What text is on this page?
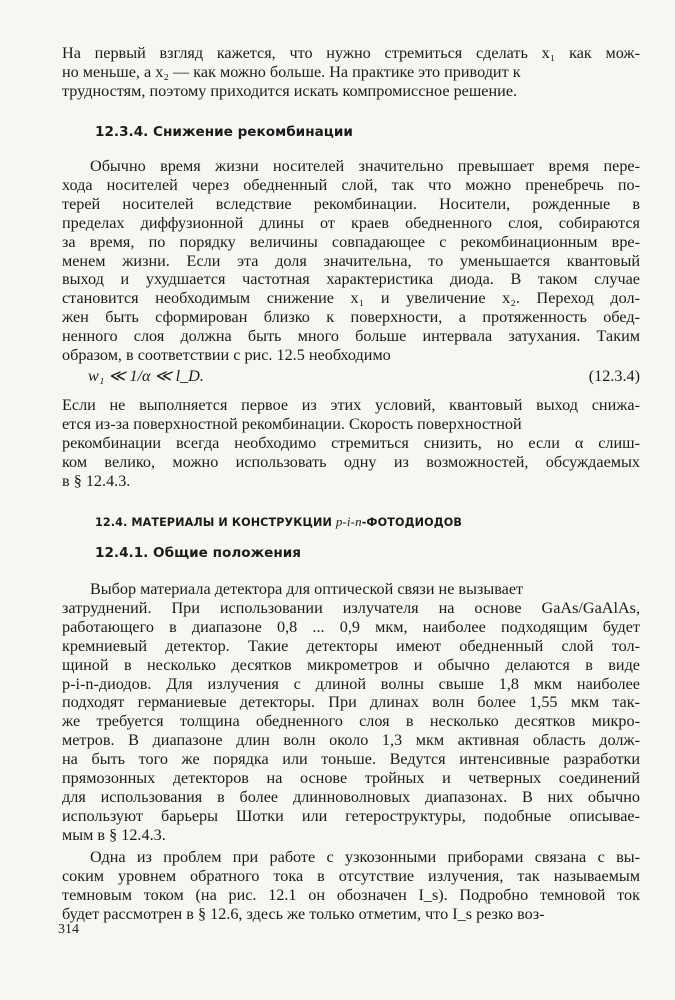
На первый взгляд кажется, что нужно стремиться сделать x₁ как мож-
но меньше, а x₂ — как можно больше. На практике это приводит к
трудностям, поэтому приходится искать компромиссное решение.
12.3.4. Снижение рекомбинации
Обычно время жизни носителей значительно превышает время пере-
хода носителей через обедненный слой, так что можно пренебречь по-
терей носителей вследствие рекомбинации. Носители, рожденные в
пределах диффузионной длины от краев обедненного слоя, собираются
за время, по порядку величины совпадающее с рекомбинационным вре-
менем жизни. Если эта доля значительна, то уменьшается квантовый
выход и ухудшается частотная характеристика диода. В таком случае
становится необходимым снижение x₁ и увеличение x₂. Переход дол-
жен быть сформирован близко к поверхности, а протяженность обед-
ненного слоя должна быть много больше интервала затухания. Таким
образом, в соответствии с рис. 12.5 необходимо
w₁ ≪ 1/α ≪ l_D.	(12.3.4)
Если не выполняется первое из этих условий, квантовый выход снижа-
ется из-за поверхностной рекомбинации. Скорость поверхностной
рекомбинации всегда необходимо стремиться снизить, но если α слиш-
ком велико, можно использовать одну из возможностей, обсуждаемых
в § 12.4.3.
12.4. МАТЕРИАЛЫ И КОНСТРУКЦИИ p-i-n-ФОТОДИОДОВ
12.4.1. Общие положения
Выбор материала детектора для оптической связи не вызывает
затруднений. При использовании излучателя на основе GaAs/GaAlAs,
работающего в диапазоне 0,8 ... 0,9 мкм, наиболее подходящим будет
кремниевый детектор. Такие детекторы имеют обедненный слой тол-
щиной в несколько десятков микрометров и обычно делаются в виде
p-i-n-диодов. Для излучения с длиной волны свыше 1,8 мкм наиболее
подходят германиевые детекторы. При длинах волн более 1,55 мкм так-
же требуется толщина обедненного слоя в несколько десятков микро-
метров. В диапазоне длин волн около 1,3 мкм активная область долж-
на быть того же порядка или тоньше. Ведутся интенсивные разработки
прямозонных детекторов на основе тройных и четверных соединений
для использования в более длинноволновых диапазонах. В них обычно
используют барьеры Шотки или гетероструктуры, подобные описывае-
мым в § 12.4.3.
Одна из проблем при работе с узкозонными приборами связана с вы-
соким уровнем обратного тока в отсутствие излучения, так называемым
темновым током (на рис. 12.1 он обозначен I_s). Подробно темновой ток
будет рассмотрен в § 12.6, здесь же только отметим, что I_s резко воз-
314
